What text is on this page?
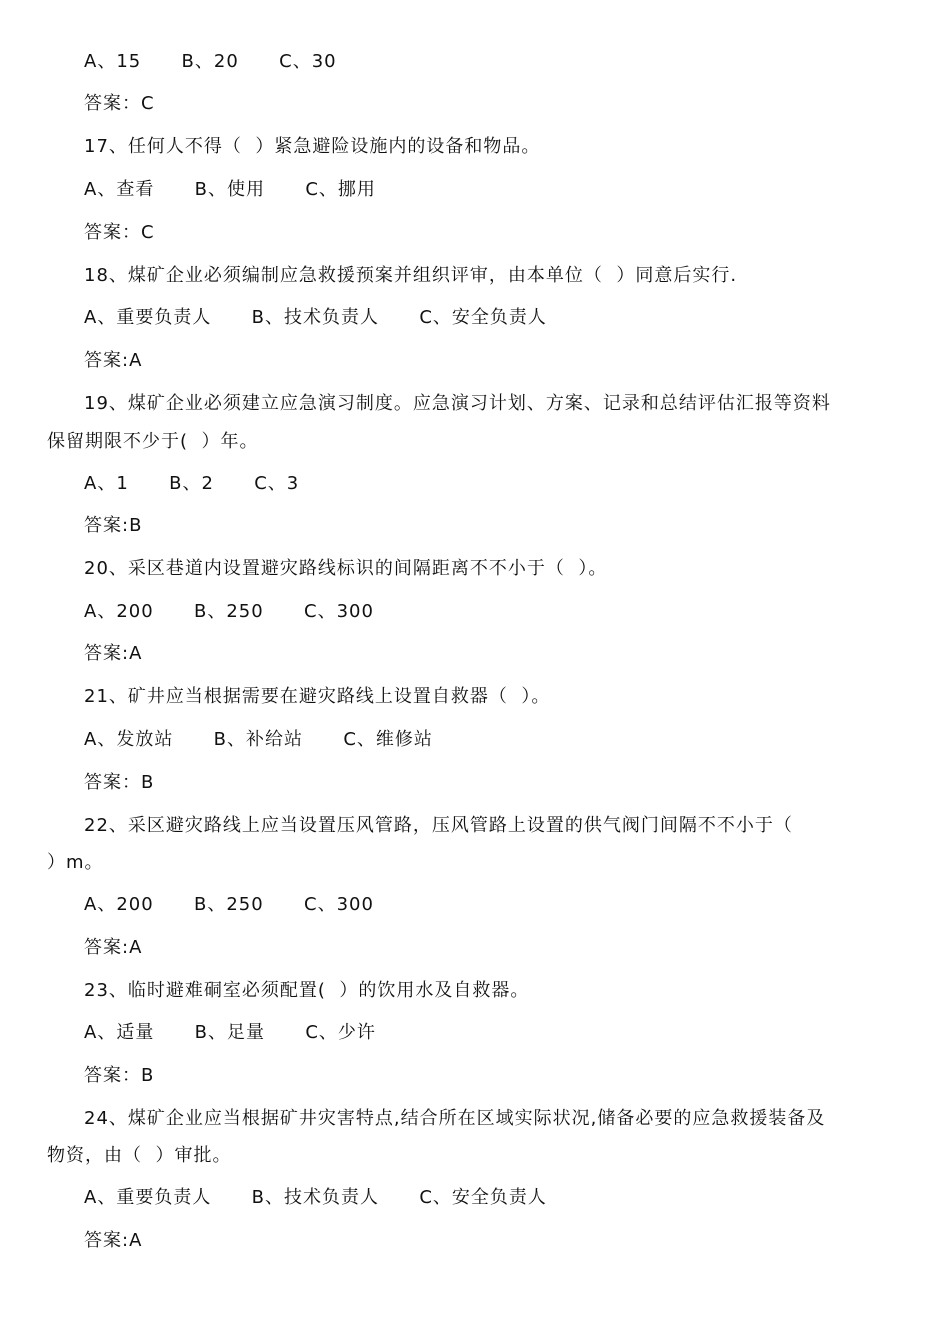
A、15      B、20      C、30
答案：C
17、任何人不得（  ）紧急避险设施内的设备和物品。
A、查看      B、使用      C、挪用
答案：C
18、煤矿企业必须编制应急救援预案并组织评审，由本单位（  ）同意后实行.
A、重要负责人      B、技术负责人      C、安全负责人
答案:A
19、煤矿企业必须建立应急演习制度。应急演习计划、方案、记录和总结评估汇报等资料
保留期限不少于(  ）年。
A、1      B、2      C、3
答案:B
20、采区巷道内设置避灾路线标识的间隔距离不不小于（  ）。
A、200      B、250      C、300
答案:A
21、矿井应当根据需要在避灾路线上设置自救器（  ）。
A、发放站      B、补给站      C、维修站
答案：B
22、采区避灾路线上应当设置压风管路，压风管路上设置的供气阀门间隔不不小于（
）m。
A、200      B、250      C、300
答案:A
23、临时避难硐室必须配置(  ）的饮用水及自救器。
A、适量      B、足量      C、少许
答案：B
24、煤矿企业应当根据矿井灾害特点,结合所在区域实际状况,储备必要的应急救援装备及
物资，由（  ）审批。
A、重要负责人      B、技术负责人      C、安全负责人
答案:A
